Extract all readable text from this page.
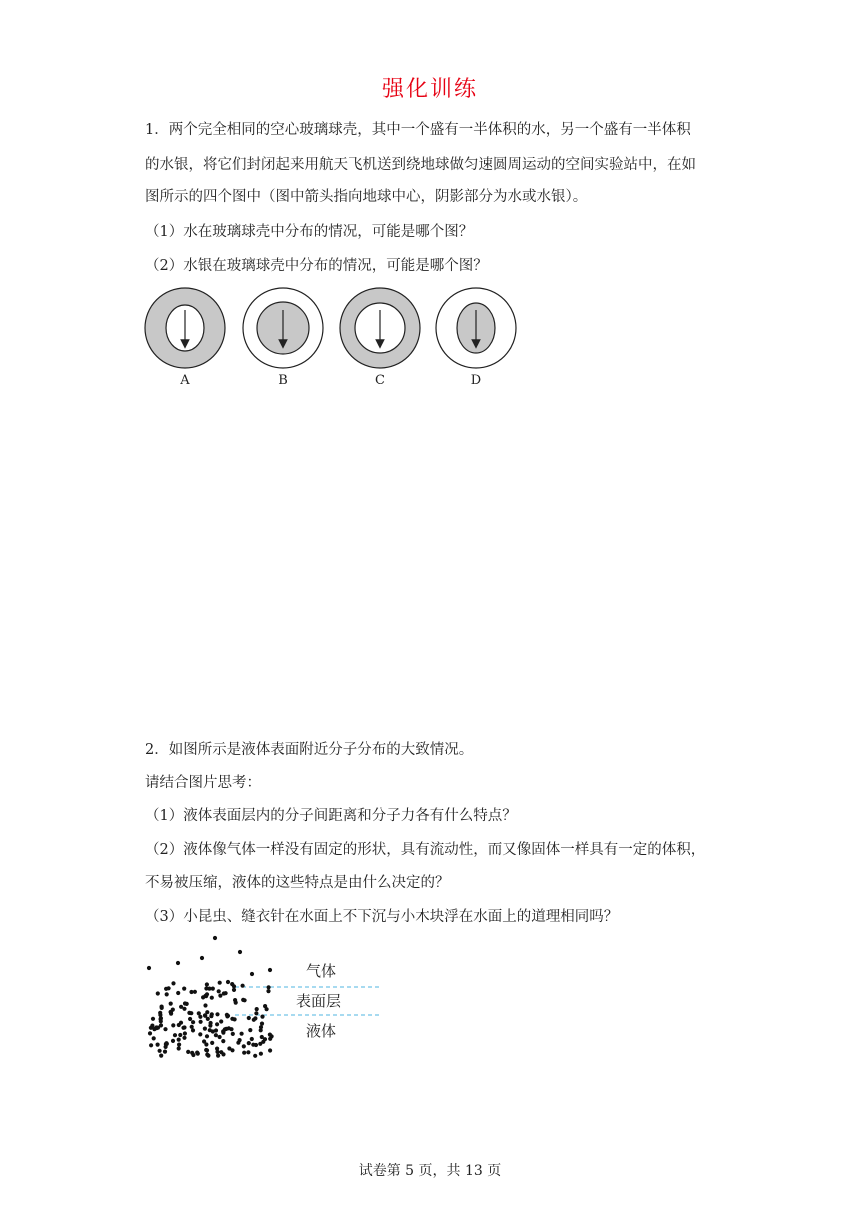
强化训练
1．两个完全相同的空心玻璃球壳，其中一个盛有一半体积的水，另一个盛有一半体积
的水银，将它们封闭起来用航天飞机送到绕地球做匀速圆周运动的空间实验站中，在如
图所示的四个图中（图中箭头指向地球中心，阴影部分为水或水银）。
（1）水在玻璃球壳中分布的情况，可能是哪个图？
（2）水银在玻璃球壳中分布的情况，可能是哪个图？
A	B	C	D
2．如图所示是液体表面附近分子分布的大致情况。
请结合图片思考：
（1）液体表面层内的分子间距离和分子力各有什么特点？
（2）液体像气体一样没有固定的形状，具有流动性，而又像固体一样具有一定的体积，
不易被压缩，液体的这些特点是由什么决定的？
（3）小昆虫、缝衣针在水面上不下沉与小木块浮在水面上的道理相同吗？
气体
表面层
液体
试卷第 5 页，共 13 页
